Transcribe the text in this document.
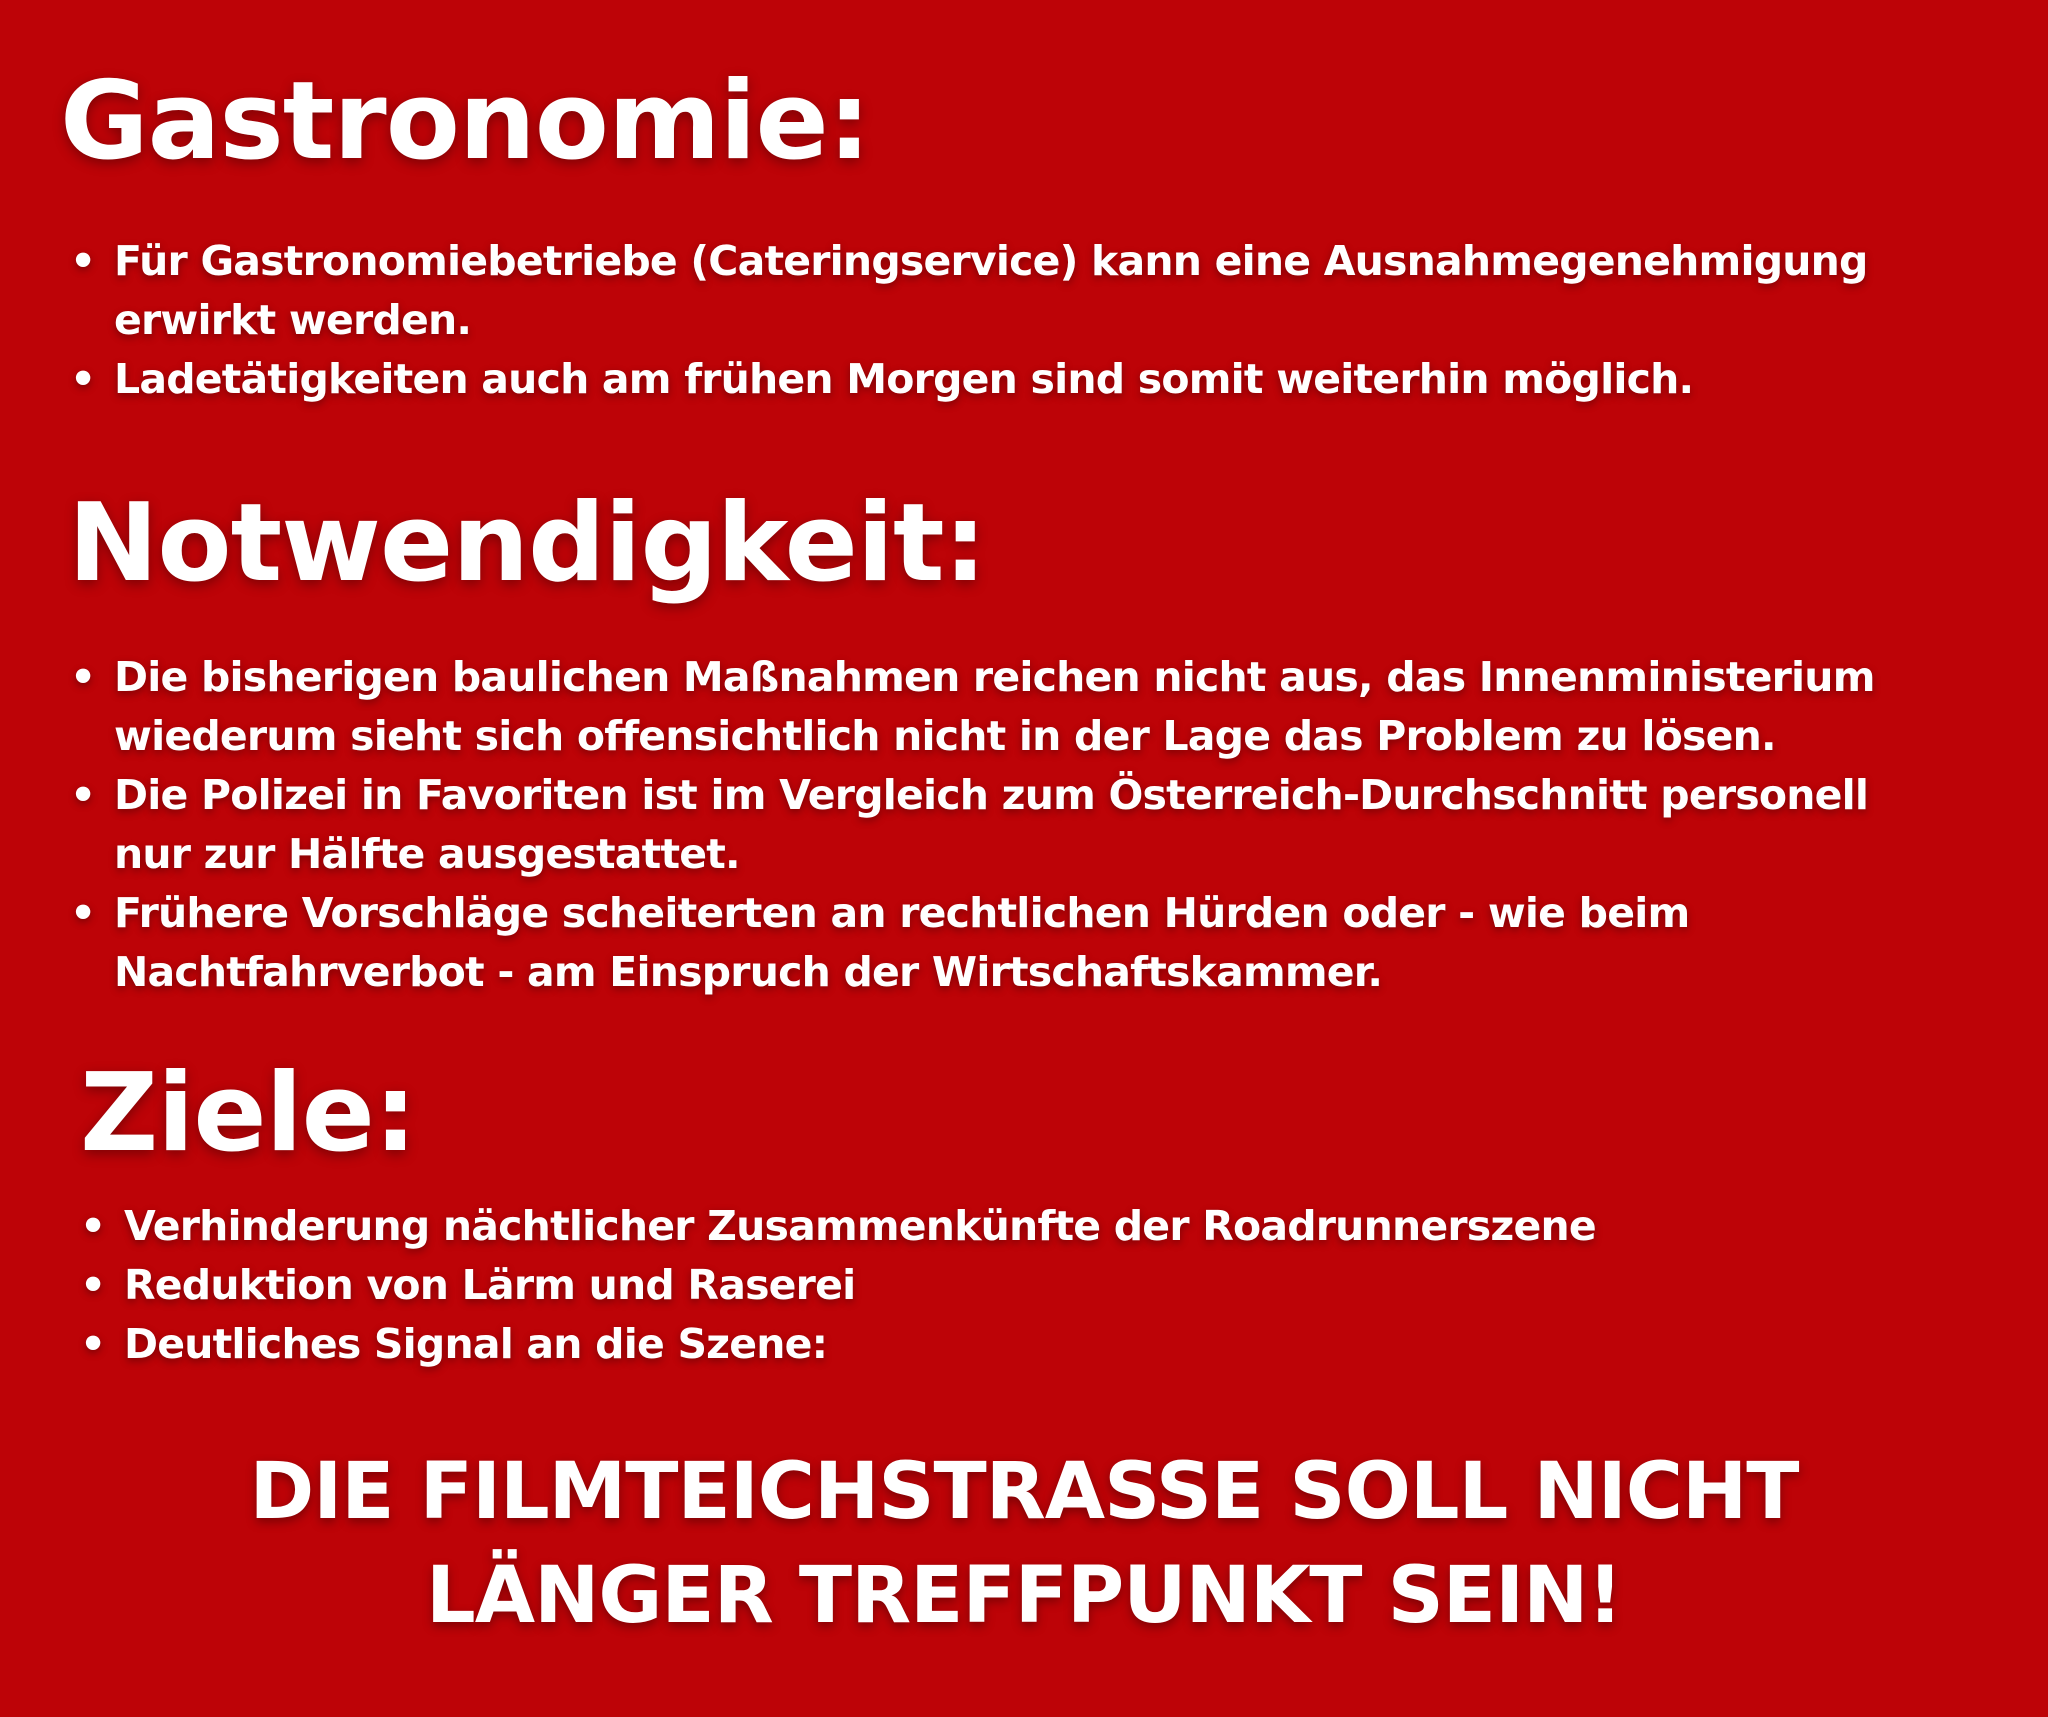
Gastronomie:
• Für Gastronomiebetriebe (Cateringservice) kann eine Ausnahmegenehmigung erwirkt werden.
• Ladetätigkeiten auch am frühen Morgen sind somit weiterhin möglich.
Notwendigkeit:
• Die bisherigen baulichen Maßnahmen reichen nicht aus, das Innenministerium wiederum sieht sich offensichtlich nicht in der Lage das Problem zu lösen.
• Die Polizei in Favoriten ist im Vergleich zum Österreich-Durchschnitt personell nur zur Hälfte ausgestattet.
• Frühere Vorschläge scheiterten an rechtlichen Hürden oder - wie beim Nachtfahrverbot - am Einspruch der Wirtschaftskammer.
Ziele:
• Verhinderung nächtlicher Zusammenkünfte der Roadrunnerszene
• Reduktion von Lärm und Raserei
• Deutliches Signal an die Szene:

DIE FILMTEICHSTRASSE SOLL NICHT
LÄNGER TREFFPUNKT SEIN!
